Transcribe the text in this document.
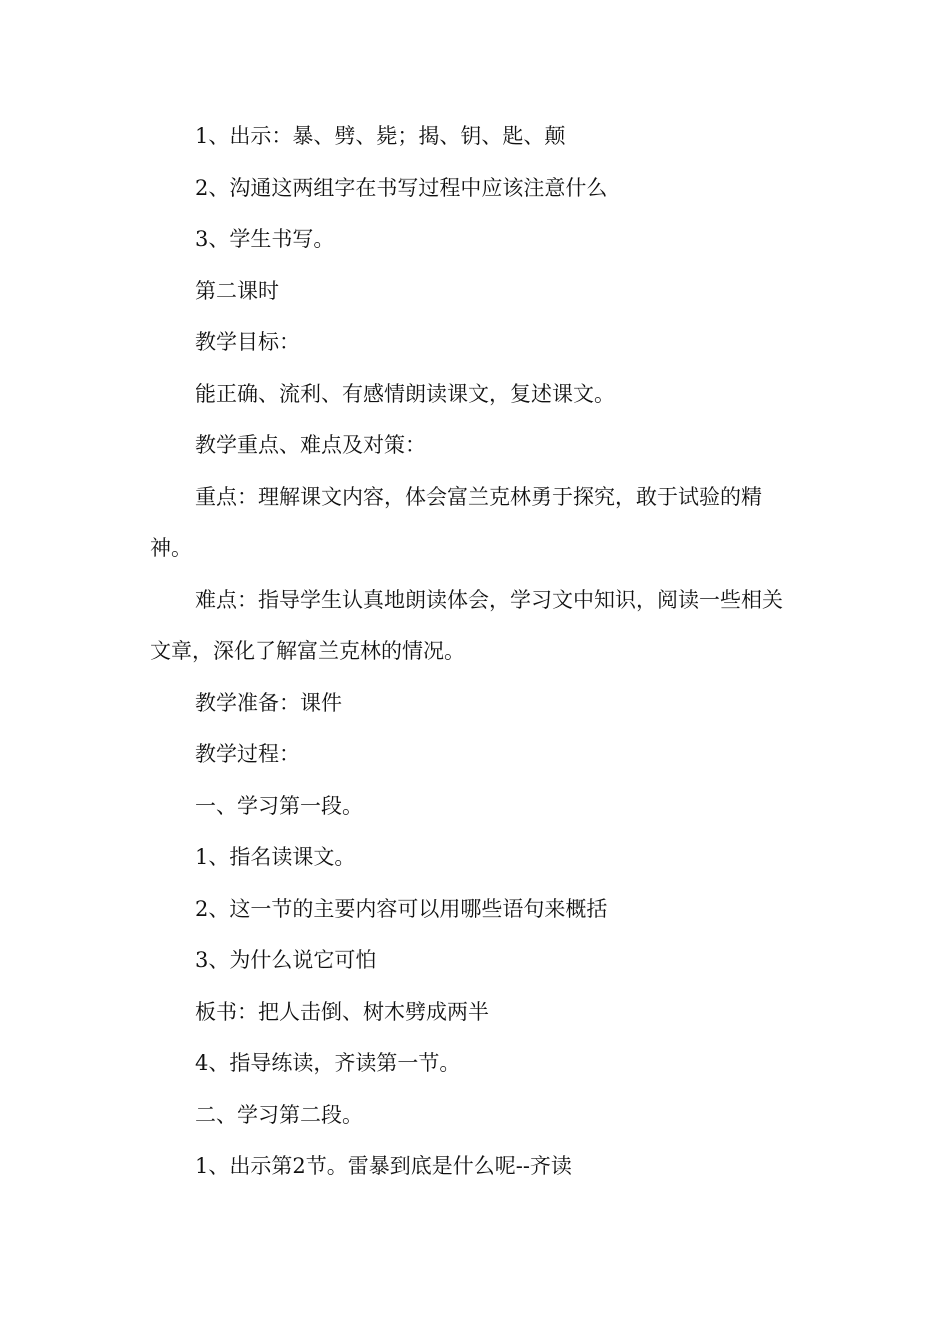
1、出示：暴、劈、毙；揭、钥、匙、颠

2、沟通这两组字在书写过程中应该注意什么

3、学生书写。

第二课时

教学目标：

能正确、流利、有感情朗读课文，复述课文。

教学重点、难点及对策：

重点：理解课文内容，体会富兰克林勇于探究，敢于试验的精神。

难点：指导学生认真地朗读体会，学习文中知识，阅读一些相关文章，深化了解富兰克林的情况。

教学准备：课件

教学过程：

一、学习第一段。

1、指名读课文。

2、这一节的主要内容可以用哪些语句来概括

3、为什么说它可怕

板书：把人击倒、树木劈成两半

4、指导练读，齐读第一节。

二、学习第二段。

1、出示第2节。雷暴到底是什么呢--齐读
